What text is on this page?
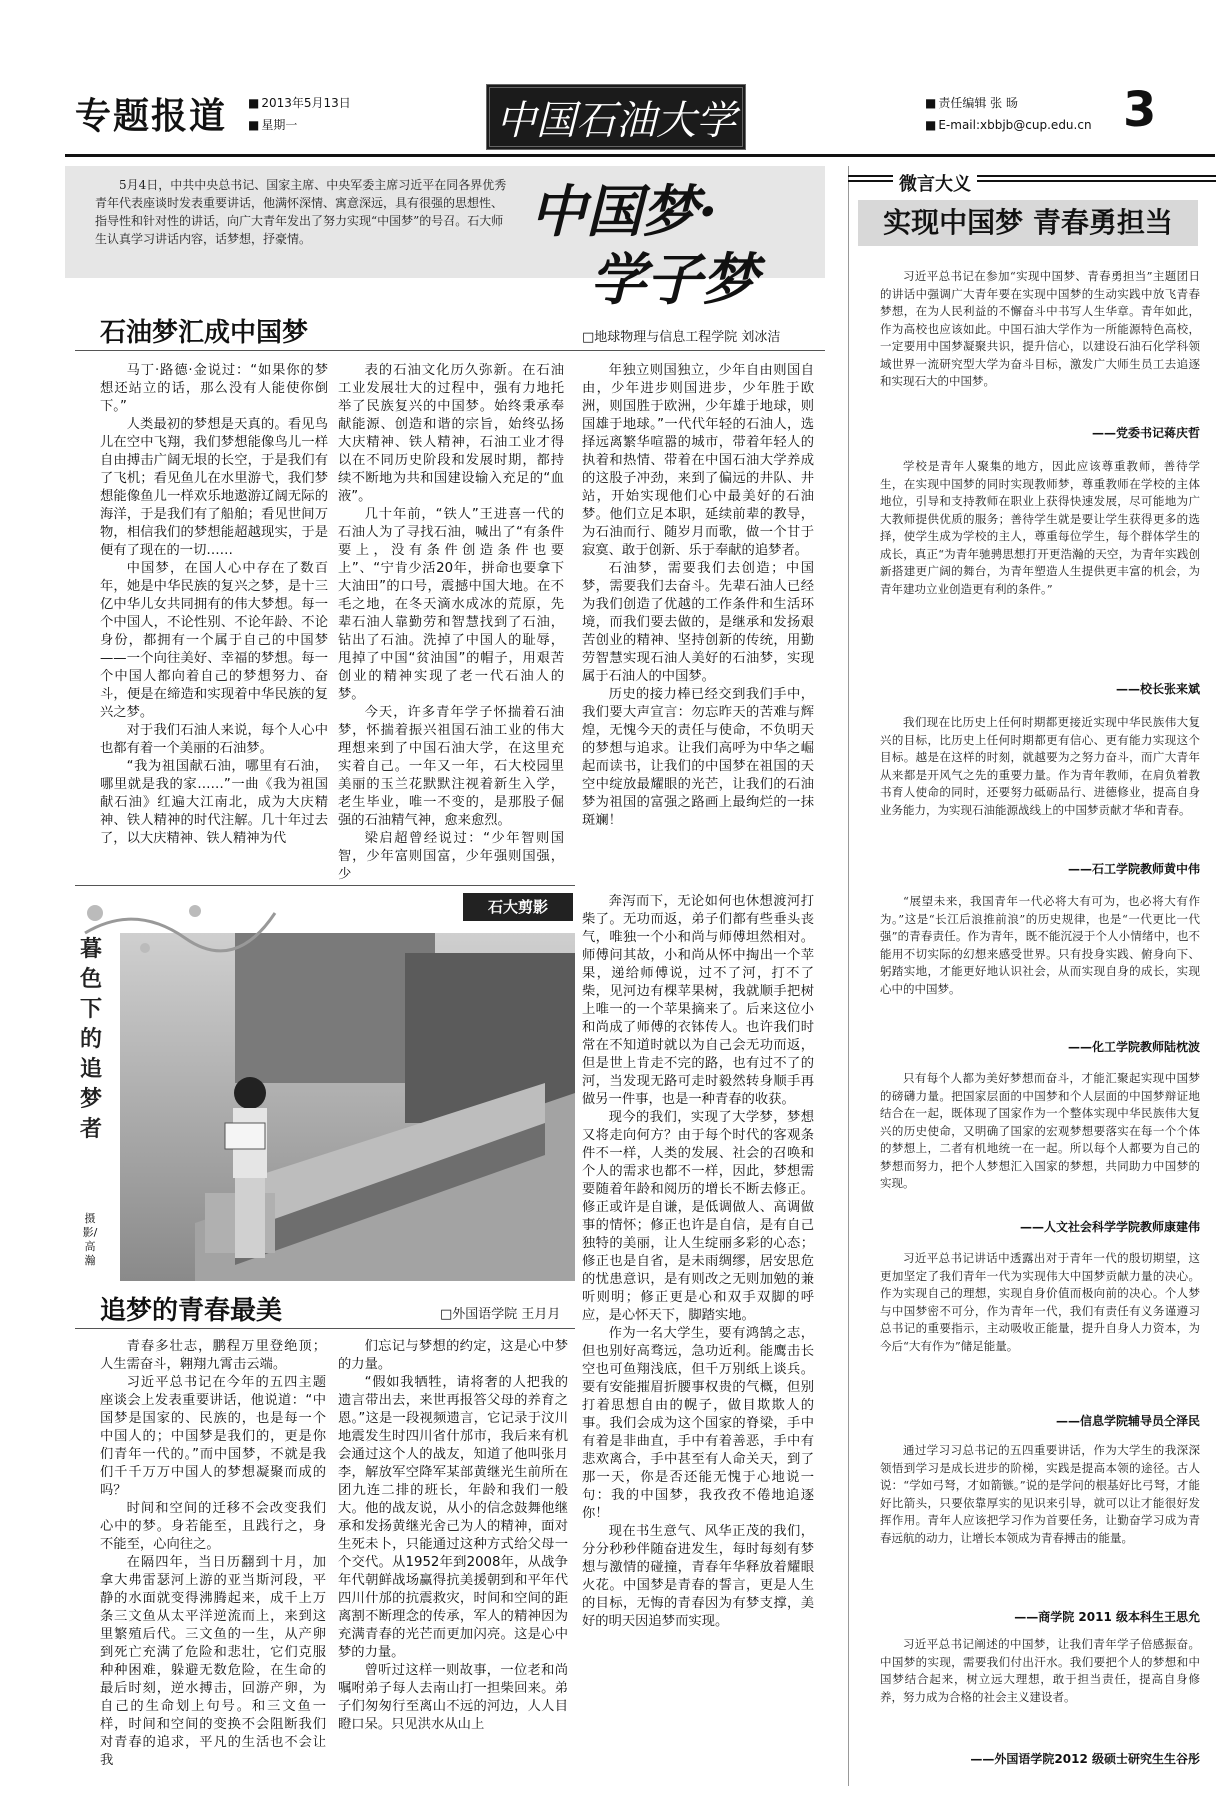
专题报道	■ 2013年5月13日
■ 星期一	中国石油大学	■ 责任编辑 张 旸
■ E-mail:xbbjb@cup.edu.cn 3
5月4日，中共中央总书记、国家主席、中央军委主席习近平在同各界优秀青年代表座谈时发表重要讲话，他满怀深情、寓意深远，具有很强的思想性、指导性和针对性的讲话，向广大青年发出了努力实现“中国梦”的号召。石大师生认真学习讲话内容，话梦想，抒豪情。	中国梦·
学子梦
微言大义
实现中国梦 青春勇担当
习近平总书记在参加“实现中国梦、青春勇担当”主题团日的讲话中强调广大青年要在实现中国梦的生动实践中放飞青春梦想，在为人民利益的不懈奋斗中书写人生华章。青年如此，作为高校也应该如此。中国石油大学作为一所能源特色高校，一定要用中国梦凝聚共识，提升信心，以建设石油石化学科领域世界一流研究型大学为奋斗目标，激发广大师生员工去追逐和实现石大的中国梦。
——党委书记蒋庆哲
学校是青年人聚集的地方，因此应该尊重教师，善待学生，在实现中国梦的同时实现教师梦，尊重教师在学校的主体地位，引导和支持教师在职业上获得快速发展，尽可能地为广大教师提供优质的服务；善待学生就是要让学生获得更多的选择，使学生成为学校的主人，尊重每位学生，每个群体学生的成长，真正“为青年驰骋思想打开更浩瀚的天空，为青年实践创新搭建更广阔的舞台，为青年塑造人生提供更丰富的机会，为青年建功立业创造更有利的条件。”
——校长张来斌
我们现在比历史上任何时期都更接近实现中华民族伟大复兴的目标，比历史上任何时期都更有信心、更有能力实现这个目标。越是在这样的时刻，就越要为之努力奋斗，而广大青年从来都是开风气之先的重要力量。作为青年教师，在肩负着教书育人使命的同时，还要努力砥砺品行、进德修业，提高自身业务能力，为实现石油能源战线上的中国梦贡献才华和青春。
——石工学院教师黄中伟
“展望未来，我国青年一代必将大有可为，也必将大有作为。”这是“长江后浪推前浪”的历史规律，也是“一代更比一代强”的青春责任。作为青年，既不能沉浸于个人小情绪中，也不能用不切实际的幻想来感受世界。只有投身实践、俯身向下、躬踏实地，才能更好地认识社会，从而实现自身的成长，实现心中的中国梦。
——化工学院教师陆枕波
只有每个人都为美好梦想而奋斗，才能汇聚起实现中国梦的磅礴力量。把国家层面的中国梦和个人层面的中国梦辩证地结合在一起，既体现了国家作为一个整体实现中华民族伟大复兴的历史使命，又明确了国家的宏观梦想要落实在每一个个体的梦想上，二者有机地统一在一起。所以每个人都要为自己的梦想而努力，把个人梦想汇入国家的梦想，共同助力中国梦的实现。
——人文社会科学学院教师康建伟
习近平总书记讲话中透露出对于青年一代的殷切期望，这更加坚定了我们青年一代为实现伟大中国梦贡献力量的决心。作为实现自己的理想，实现自身价值而极向前的决心。个人梦与中国梦密不可分，作为青年一代，我们有责任有义务谨遵习总书记的重要指示，主动吸收正能量，提升自身人力资本，为今后“大有作为”储足能量。
——信息学院辅导员仝泽民
通过学习习总书记的五四重要讲话，作为大学生的我深深领悟到学习是成长进步的阶梯，实践是提高本领的途径。古人说：“学如弓弩，才如箭镞。”说的是学问的根基好比弓弩，才能好比箭头，只要依靠厚实的见识来引导，就可以让才能很好发挥作用。青年人应该把学习作为首要任务，让勤奋学习成为青春远航的动力，让增长本领成为青春搏击的能量。
——商学院 2011 级本科生王思允
习近平总书记阐述的中国梦，让我们青年学子倍感振奋。中国梦的实现，需要我们付出汗水。我们要把个人的梦想和中国梦结合起来，树立远大理想，敢于担当责任，提高自身修养，努力成为合格的社会主义建设者。
——外国语学院2012 级硕士研究生生谷彤
石油梦汇成中国梦	□地球物理与信息工程学院 刘冰洁

马丁·路德·金说过：“如果你的梦想还站立的话，那么没有人能使你倒下。”

人类最初的梦想是天真的。看见鸟儿在空中飞翔，我们梦想能像鸟儿一样自由搏击广阔无垠的长空，于是我们有了飞机；看见鱼儿在水里游弋，我们梦想能像鱼儿一样欢乐地遨游辽阔无际的海洋，于是我们有了船舶；看见世间万物，相信我们的梦想能超越现实，于是便有了现在的一切……

中国梦，在国人心中存在了数百年，她是中华民族的复兴之梦，是十三亿中华儿女共同拥有的伟大梦想。每一个中国人，不论性别、不论年龄、不论身份，都拥有一个属于自己的中国梦——一个向往美好、幸福的梦想。每一个中国人都向着自己的梦想努力、奋斗，便是在缔造和实现着中华民族的复兴之梦。

对于我们石油人来说，每个人心中也都有着一个美丽的石油梦。

“我为祖国献石油，哪里有石油，哪里就是我的家……”一曲《我为祖国献石油》红遍大江南北，成为大庆精神、铁人精神的时代注解。几十年过去了，以大庆精神、铁人精神为代

表的石油文化历久弥新。在石油工业发展壮大的过程中，强有力地托举了民族复兴的中国梦。始终秉承奉献能源、创造和谐的宗旨，始终弘扬大庆精神、铁人精神，石油工业才得以在不同历史阶段和发展时期，都持续不断地为共和国建设输入充足的“血液”。

几十年前，“铁人”王进喜一代的石油人为了寻找石油，喊出了“有条件要上，没有条件创造条件也要上”、“宁肯少活20年，拼命也要拿下大油田”的口号，震撼中国大地。在不毛之地，在冬天滴水成冰的荒原，先辈石油人靠勤劳和智慧找到了石油，钻出了石油。洗掉了中国人的耻辱，甩掉了中国“贫油国”的帽子，用艰苦创业的精神实现了老一代石油人的梦。

今天，许多青年学子怀揣着石油梦，怀揣着振兴祖国石油工业的伟大理想来到了中国石油大学，在这里充实着自己。一年又一年，石大校园里美丽的玉兰花默默注视着新生入学，老生毕业，唯一不变的，是那股子倔强的石油精气神，愈来愈烈。

梁启超曾经说过：“少年智则国智，少年富则国富，少年强则国强，少

年独立则国独立，少年自由则国自由，少年进步则国进步，少年胜于欧洲，则国胜于欧洲，少年雄于地球，则国雄于地球。”一代代年轻的石油人，选择远离繁华喧嚣的城市，带着年轻人的执着和热情、带着在中国石油大学养成的这股子冲劲，来到了偏远的井队、井站，开始实现他们心中最美好的石油梦。他们立足本职，延续前辈的教导，为石油而行、随岁月而歌，做一个甘于寂寞、敢于创新、乐于奉献的追梦者。

石油梦，需要我们去创造；中国梦，需要我们去奋斗。先辈石油人已经为我们创造了优越的工作条件和生活环境，而我们要去做的，是继承和发扬艰苦创业的精神、坚持创新的传统，用勤劳智慧实现石油人美好的石油梦，实现属于石油人的中国梦。

历史的接力棒已经交到我们手中，我们要大声宣言：勿忘昨天的苦难与辉煌，无愧今天的责任与使命，不负明天的梦想与追求。让我们高呼为中华之崛起而读书，让我们的中国梦在祖国的天空中绽放最耀眼的光芒，让我们的石油梦为祖国的富强之路画上最绚烂的一抹斑斓！

石大剪影
暮色下的追梦者
摄影/高瀚

奔泻而下，无论如何也休想渡河打柴了。无功而返，弟子们都有些垂头丧气，唯独一个小和尚与师傅坦然相对。师傅问其故，小和尚从怀中掏出一个苹果，递给师傅说，过不了河，打不了柴，见河边有棵苹果树，我就顺手把树上唯一的一个苹果摘来了。后来这位小和尚成了师傅的衣钵传人。也许我们时常在不知道时就以为自己会无功而返，但是世上肯走不完的路，也有过不了的河，当发现无路可走时毅然转身顺手再做另一件事，也是一种青春的收获。

现今的我们，实现了大学梦，梦想又将走向何方？由于每个时代的客观条件不一样，人类的发展、社会的召唤和个人的需求也都不一样，因此，梦想需要随着年龄和阅历的增长不断去修正。修正或许是自谦，是低调做人、高调做事的情怀；修正也许是自信，是有自己独特的美丽，让人生绽丽多彩的心态；修正也是自省，是未雨绸缪，居安思危的忧患意识，是有则改之无则加勉的兼听则明；修正更是心和双手双脚的呼应，是心怀天下，脚踏实地。

作为一名大学生，要有鸿鹄之志，但也别好高骛远，急功近利。能鹰击长空也可鱼翔浅底，但千万别纸上谈兵。要有安能摧眉折腰事权贵的气概，但别打着思想自由的幌子，做目欺欺人的事。我们会成为这个国家的脊梁，手中有着是非曲直，手中有着善恶，手中有悲欢离合，手中甚至有人命关天，到了那一天，你是否还能无愧于心地说一句：我的中国梦，我孜孜不倦地追逐你！

现在书生意气、风华正茂的我们，分分秒秒伴随奋进发生，每时每刻有梦想与激情的碰撞，青春年华释放着耀眼火花。中国梦是青春的誓言，更是人生的目标，无悔的青春因为有梦支撑，美好的明天因追梦而实现。

追梦的青春最美	□外国语学院 王月月

青春多壮志，鹏程万里登绝顶；人生需奋斗，翱翔九霄击云端。

习近平总书记在今年的五四主题座谈会上发表重要讲话，他说道：“中国梦是国家的、民族的，也是每一个中国人的；中国梦是我们的，更是你们青年一代的。”而中国梦，不就是我们千千万万中国人的梦想凝聚而成的吗？

时间和空间的迁移不会改变我们心中的梦。身若能至，且践行之，身不能至，心向往之。

在隔四年，当日历翻到十月，加拿大弗雷瑟河上游的亚当斯河段，平静的水面就变得沸腾起来，成千上万条三文鱼从太平洋逆流而上，来到这里繁殖后代。三文鱼的一生，从产卵到死亡充满了危险和悲壮，它们克服种种困难，躲避无数危险，在生命的最后时刻，逆水搏击，回游产卵，为自己的生命划上句号。和三文鱼一样，时间和空间的变换不会阻断我们对青春的追求，平凡的生活也不会让我

们忘记与梦想的约定，这是心中梦的力量。

“假如我牺牲，请将奢的人把我的遗言带出去，来世再报答父母的养育之恩。”这是一段视频遗言，它记录于汶川地震发生时四川省什邡市，我后来有机会通过这个人的战友，知道了他叫张月李，解放军空降军某部黄继光生前所在团九连二排的班长，年龄和我们一般大。他的战友说，从小的信念鼓舞他继承和发扬黄继光舍己为人的精神，面对生死未卜，只能通过这种方式给父母一个交代。从1952年到2008年，从战争年代朝鲜战场赢得抗美援朝到和平年代四川什邡的抗震救灾，时间和空间的距离割不断理念的传承，军人的精神因为充满青春的光芒而更加闪亮。这是心中梦的力量。

曾听过这样一则故事，一位老和尚嘱咐弟子每人去南山打一担柴回来。弟子们匆匆行至离山不远的河边，人人目瞪口呆。只见洪水从山上
